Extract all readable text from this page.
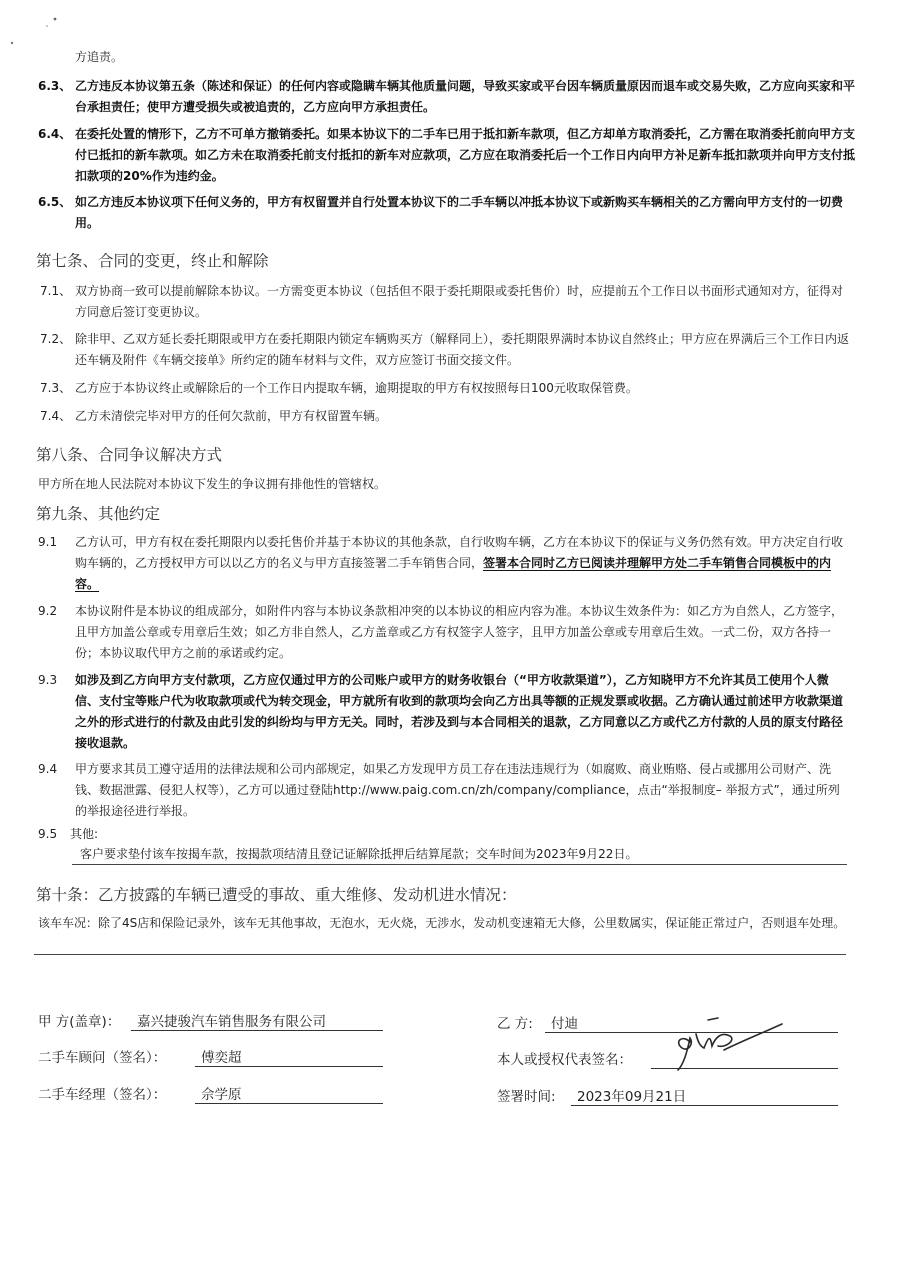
方追责。
6.3、 乙方违反本协议第五条（陈述和保证）的任何内容或隐瞒车辆其他质量问题，导致买家或平台因车辆质量原因而退车或交易失败，乙方应向买家和平台承担责任；使甲方遭受损失或被追责的，乙方应向甲方承担责任。
6.4、 在委托处置的情形下，乙方不可单方撤销委托。如果本协议下的二手车已用于抵扣新车款项，但乙方却单方取消委托，乙方需在取消委托前向甲方支付已抵扣的新车款项。如乙方未在取消委托前支付抵扣的新车对应款项，乙方应在取消委托后一个工作日内向甲方补足新车抵扣款项并向甲方支付抵扣款项的20%作为违约金。
6.5、 如乙方违反本协议项下任何义务的，甲方有权留置并自行处置本协议下的二手车辆以冲抵本协议下或新购买车辆相关的乙方需向甲方支付的一切费用。
第七条、合同的变更，终止和解除
7.1、 双方协商一致可以提前解除本协议。一方需变更本协议（包括但不限于委托期限或委托售价）时，应提前五个工作日以书面形式通知对方，征得对方同意后签订变更协议。
7.2、 除非甲、乙双方延长委托期限或甲方在委托期限内锁定车辆购买方（解释同上），委托期限界满时本协议自然终止；甲方应在界满后三个工作日内返还车辆及附件《车辆交接单》所约定的随车材料与文件，双方应签订书面交接文件。
7.3、 乙方应于本协议终止或解除后的一个工作日内提取车辆，逾期提取的甲方有权按照每日100元收取保管费。
7.4、 乙方未清偿完毕对甲方的任何欠款前，甲方有权留置车辆。
第八条、合同争议解决方式
甲方所在地人民法院对本协议下发生的争议拥有排他性的管辖权。
第九条、其他约定
9.1 乙方认可，甲方有权在委托期限内以委托售价并基于本协议的其他条款，自行收购车辆，乙方在本协议下的保证与义务仍然有效。甲方决定自行收购车辆的，乙方授权甲方可以以乙方的名义与甲方直接签署二手车销售合同，签署本合同时乙方已阅读并理解甲方处二手车销售合同模板中的内容。
9.2 本协议附件是本协议的组成部分，如附件内容与本协议条款相冲突的以本协议的相应内容为准。本协议生效条件为：如乙方为自然人，乙方签字，且甲方加盖公章或专用章后生效；如乙方非自然人，乙方盖章或乙方有权签字人签字，且甲方加盖公章或专用章后生效。一式二份，双方各持一份；本协议取代甲方之前的承诺或约定。
9.3 如涉及到乙方向甲方支付款项，乙方应仅通过甲方的公司账户或甲方的财务收银台（“甲方收款渠道”），乙方知晓甲方不允许其员工使用个人微信、支付宝等账户代为收取款项或代为转交现金，甲方就所有收到的款项均会向乙方出具等额的正规发票或收据。乙方确认通过前述甲方收款渠道之外的形式进行的付款及由此引发的纠纷均与甲方无关。同时，若涉及到与本合同相关的退款，乙方同意以乙方或代乙方付款的人员的原支付路径接收退款。
9.4 甲方要求其员工遵守适用的法律法规和公司内部规定，如果乙方发现甲方员工存在违法违规行为（如腐败、商业贿赂、侵占或挪用公司财产、洗钱、数据泄露、侵犯人权等），乙方可以通过登陆http://www.paig.com.cn/zh/company/compliance，点击“举报制度– 举报方式”，通过所列的举报途径进行举报。
9.5 其他:
客户要求垫付该车按揭车款，按揭款项结清且登记证解除抵押后结算尾款；交车时间为2023年9月22日。
第十条：乙方披露的车辆已遭受的事故、重大维修、发动机进水情况：
该车车况：除了4S店和保险记录外，该车无其他事故，无泡水，无火烧，无涉水，发动机变速箱无大修，公里数属实，保证能正常过户，否则退车处理。
甲 方(盖章)： 嘉兴捷骏汽车销售服务有限公司
二手车顾问（签名）：	傅奕超
二手车经理（签名）：	佘学原
乙 方: 付迪
本人或授权代表签名：
签署时间: 2023年09月21日
